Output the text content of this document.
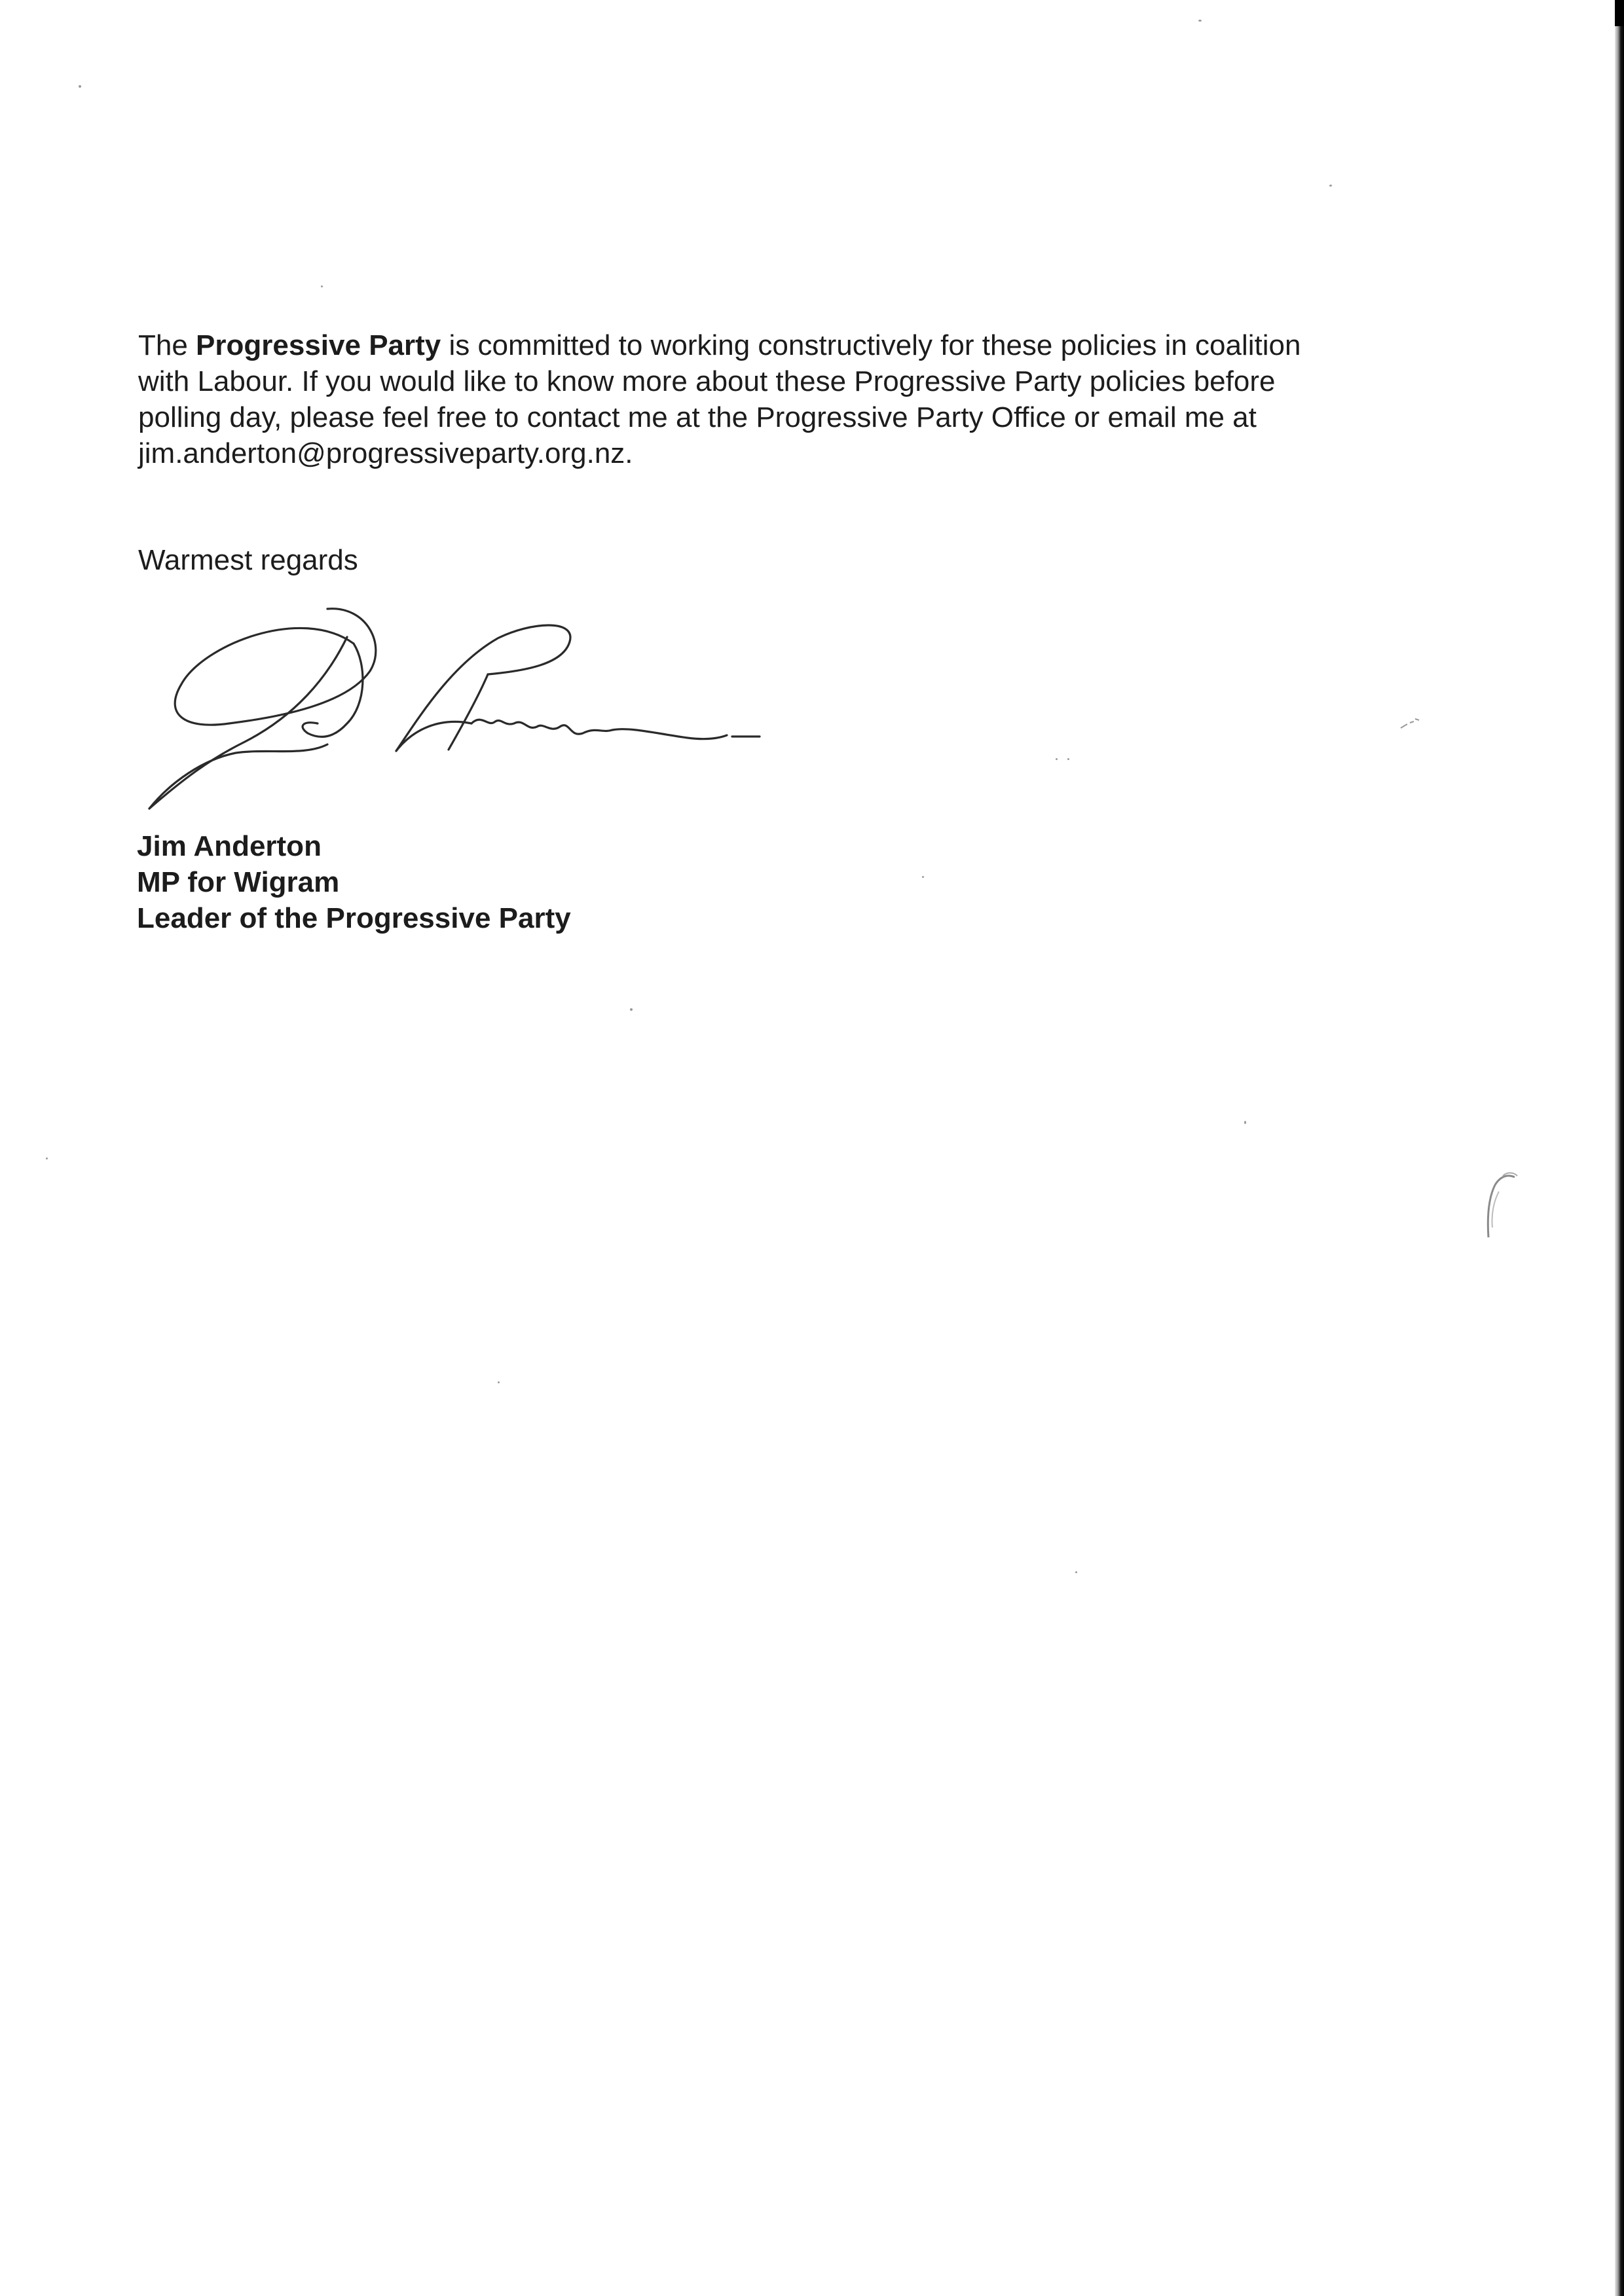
The Progressive Party is committed to working constructively for these policies in coalition
with Labour. If you would like to know more about these Progressive Party policies before
polling day, please feel free to contact me at the Progressive Party Office or email me at
jim.anderton@progressiveparty.org.nz.

Warmest regards

Jim Anderton
MP for Wigram
Leader of the Progressive Party
